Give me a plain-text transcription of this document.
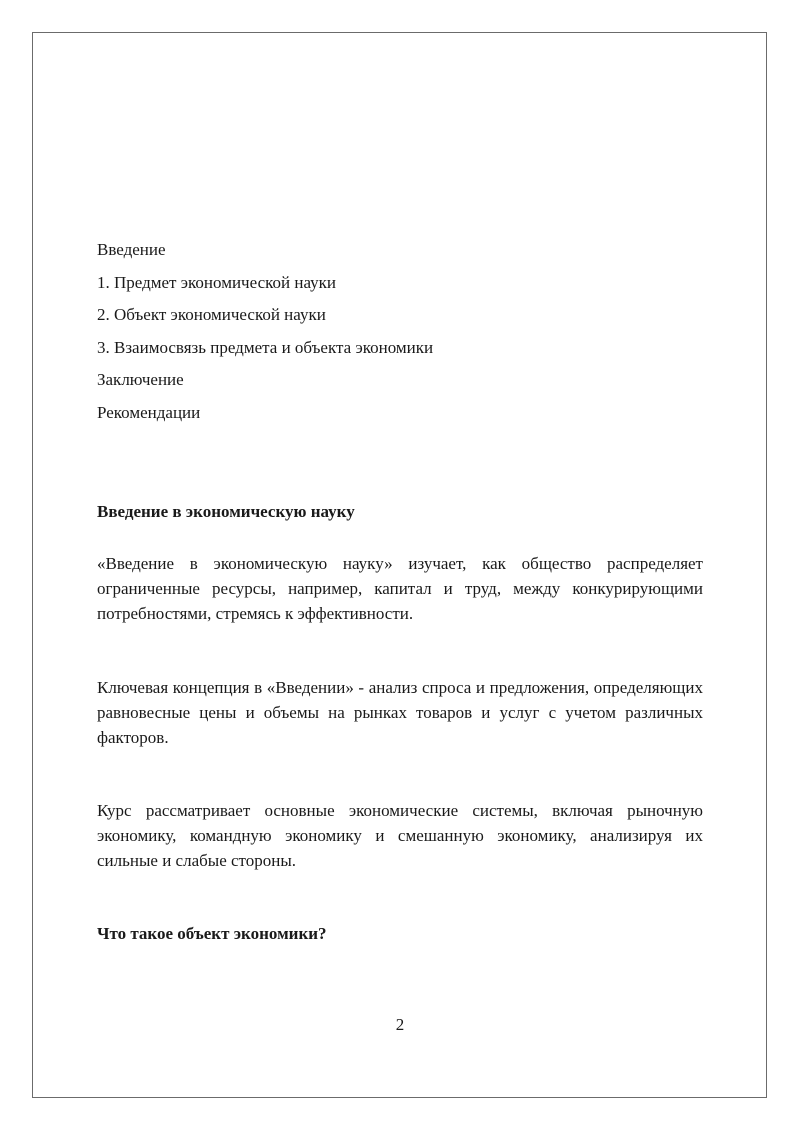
Введение
1. Предмет экономической науки
2. Объект экономической науки
3. Взаимосвязь предмета и объекта экономики
Заключение
Рекомендации
Введение в экономическую науку

«Введение в экономическую науку» изучает, как общество распределяет ограниченные ресурсы, например, капитал и труд, между конкурирующими потребностями, стремясь к эффективности.

Ключевая концепция в «Введении» - анализ спроса и предложения, определяющих равновесные цены и объемы на рынках товаров и услуг с учетом различных факторов.

Курс рассматривает основные экономические системы, включая рыночную экономику, командную экономику и смешанную экономику, анализируя их сильные и слабые стороны.

Что такое объект экономики?
2
